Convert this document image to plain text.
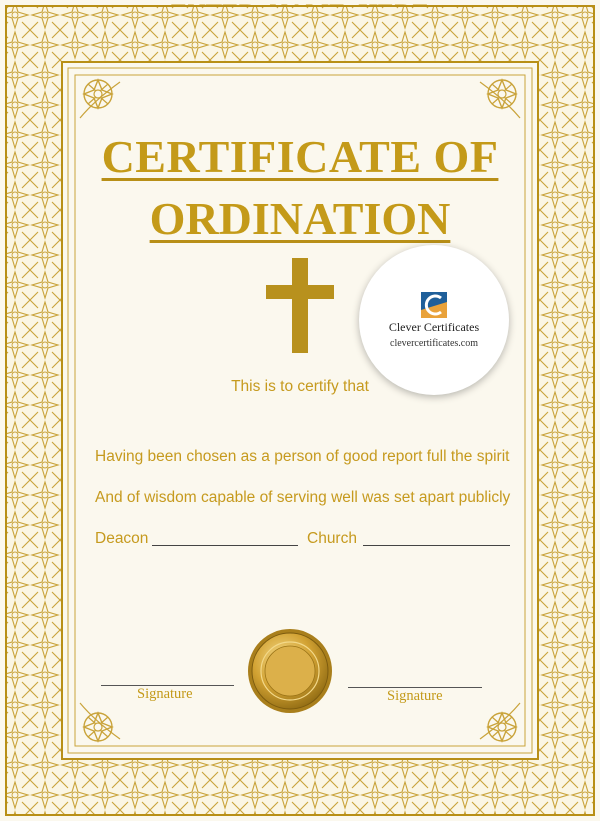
CERTIFICATE OF
ORDINATION
Clever Certificates
clevercertificates.com
This is to certify that
Having been chosen as a person of good report full the spirit
And of wisdom capable of serving well was set apart publicly
Deacon	Church
Signature	Signature
